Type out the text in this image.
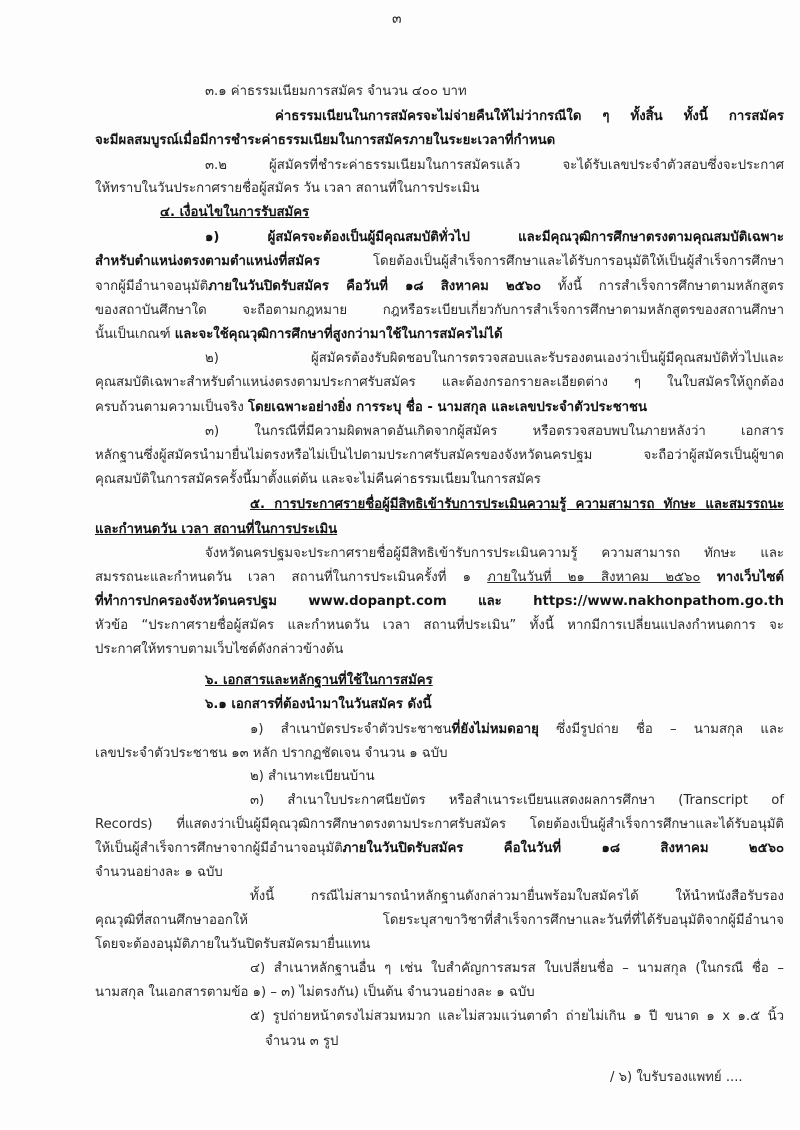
๓
๓.๑ ค่าธรรมเนียมการสมัคร จำนวน ๔๐๐ บาท
ค่าธรรมเนียนในการสมัครจะไม่จ่ายคืนให้ไม่ว่ากรณีใด ๆ ทั้งสิ้น ทั้งนี้ การสมัคร
จะมีผลสมบูรณ์เมื่อมีการชำระค่าธรรมเนียมในการสมัครภายในระยะเวลาที่กำหนด
๓.๒ ผู้สมัครที่ชำระค่าธรรมเนียมในการสมัครแล้ว จะได้รับเลขประจำตัวสอบซึ่งจะประกาศ
ให้ทราบในวันประกาศรายชื่อผู้สมัคร วัน เวลา สถานที่ในการประเมิน
๔. เงื่อนไขในการรับสมัคร
๑) ผู้สมัครจะต้องเป็นผู้มีคุณสมบัติทั่วไป และมีคุณวุฒิการศึกษาตรงตามคุณสมบัติเฉพาะ
สำหรับตำแหน่งตรงตามตำแหน่งที่สมัคร โดยต้องเป็นผู้สำเร็จการศึกษาและได้รับการอนุมัติให้เป็นผู้สำเร็จการศึกษา
จากผู้มีอำนาจอนุมัติภายในวันปิดรับสมัคร คือวันที่ ๑๘ สิงหาคม ๒๕๖๐ ทั้งนี้ การสำเร็จการศึกษาตามหลักสูตร
ของสถาบันศึกษาใด จะถือตามกฎหมาย กฎหรือระเบียบเกี่ยวกับการสำเร็จการศึกษาตามหลักสูตรของสถานศึกษา
นั้นเป็นเกณฑ์ และจะใช้คุณวุฒิการศึกษาที่สูงกว่ามาใช้ในการสมัครไม่ได้
๒) ผู้สมัครต้องรับผิดชอบในการตรวจสอบและรับรองตนเองว่าเป็นผู้มีคุณสมบัติทั่วไปและ
คุณสมบัติเฉพาะสำหรับตำแหน่งตรงตามประกาศรับสมัคร และต้องกรอกรายละเอียดต่าง ๆ ในใบสมัครให้ถูกต้อง
ครบถ้วนตามความเป็นจริง โดยเฉพาะอย่างยิ่ง การระบุ ชื่อ - นามสกุล และเลขประจำตัวประชาชน
๓) ในกรณีที่มีความผิดพลาดอันเกิดจากผู้สมัคร หรือตรวจสอบพบในภายหลังว่า เอกสาร
หลักฐานซึ่งผู้สมัครนำมายื่นไม่ตรงหรือไม่เป็นไปตามประกาศรับสมัครของจังหวัดนครปฐม จะถือว่าผู้สมัครเป็นผู้ขาด
คุณสมบัติในการสมัครครั้งนี้มาตั้งแต่ต้น และจะไม่คืนค่าธรรมเนียมในการสมัคร
๕. การประกาศรายชื่อผู้มีสิทธิเข้ารับการประเมินความรู้ ความสามารถ ทักษะ และสมรรถนะ
และกำหนดวัน เวลา สถานที่ในการประเมิน
จังหวัดนครปฐมจะประกาศรายชื่อผู้มีสิทธิเข้ารับการประเมินความรู้ ความสามารถ ทักษะ และ
สมรรถนะและกำหนดวัน เวลา สถานที่ในการประเมินครั้งที่ ๑ ภายในวันที่ ๒๑ สิงหาคม ๒๕๖๐ ทางเว็บไซต์
ที่ทำการปกครองจังหวัดนครปฐม www.dopanpt.com และ https://www.nakhonpathom.go.th
หัวข้อ “ประกาศรายชื่อผู้สมัคร และกำหนดวัน เวลา สถานที่ประเมิน” ทั้งนี้ หากมีการเปลี่ยนแปลงกำหนดการ จะ
ประกาศให้ทราบตามเว็บไซต์ดังกล่าวข้างต้น
๖. เอกสารและหลักฐานที่ใช้ในการสมัคร
๖.๑ เอกสารที่ต้องนำมาในวันสมัคร ดังนี้
๑) สำเนาบัตรประจำตัวประชาชนที่ยังไม่หมดอายุ ซึ่งมีรูปถ่าย ชื่อ – นามสกุล และ
เลขประจำตัวประชาชน ๑๓ หลัก ปรากฏชัดเจน จำนวน ๑ ฉบับ
๒) สำเนาทะเบียนบ้าน
๓) สำเนาใบประกาศนียบัตร หรือสำเนาระเบียนแสดงผลการศึกษา (Transcript of
Records) ที่แสดงว่าเป็นผู้มีคุณวุฒิการศึกษาตรงตามประกาศรับสมัคร โดยต้องเป็นผู้สำเร็จการศึกษาและได้รับอนุมัติ
ให้เป็นผู้สำเร็จการศึกษาจากผู้มีอำนาจอนุมัติภายในวันปิดรับสมัคร คือในวันที่ ๑๘ สิงหาคม ๒๕๖๐
จำนวนอย่างละ ๑ ฉบับ
ทั้งนี้ กรณีไม่สามารถนำหลักฐานดังกล่าวมายื่นพร้อมใบสมัครได้ ให้นำหนังสือรับรอง
คุณวุฒิที่สถานศึกษาออกให้ โดยระบุสาขาวิชาที่สำเร็จการศึกษาและวันที่ที่ได้รับอนุมัติจากผู้มีอำนาจ
โดยจะต้องอนุมัติภายในวันปิดรับสมัครมายื่นแทน
๔) สำเนาหลักฐานอื่น ๆ เช่น ใบสำคัญการสมรส ใบเปลี่ยนชื่อ – นามสกุล (ในกรณี ชื่อ –
นามสกุล ในเอกสารตามข้อ ๑) – ๓) ไม่ตรงกัน) เป็นต้น จำนวนอย่างละ ๑ ฉบับ
๕) รูปถ่ายหน้าตรงไม่สวมหมวก และไม่สวมแว่นตาดำ ถ่ายไม่เกิน ๑ ปี ขนาด ๑ x ๑.๕ นิ้ว
จำนวน ๓ รูป
/ ๖) ใบรับรองแพทย์ ....
